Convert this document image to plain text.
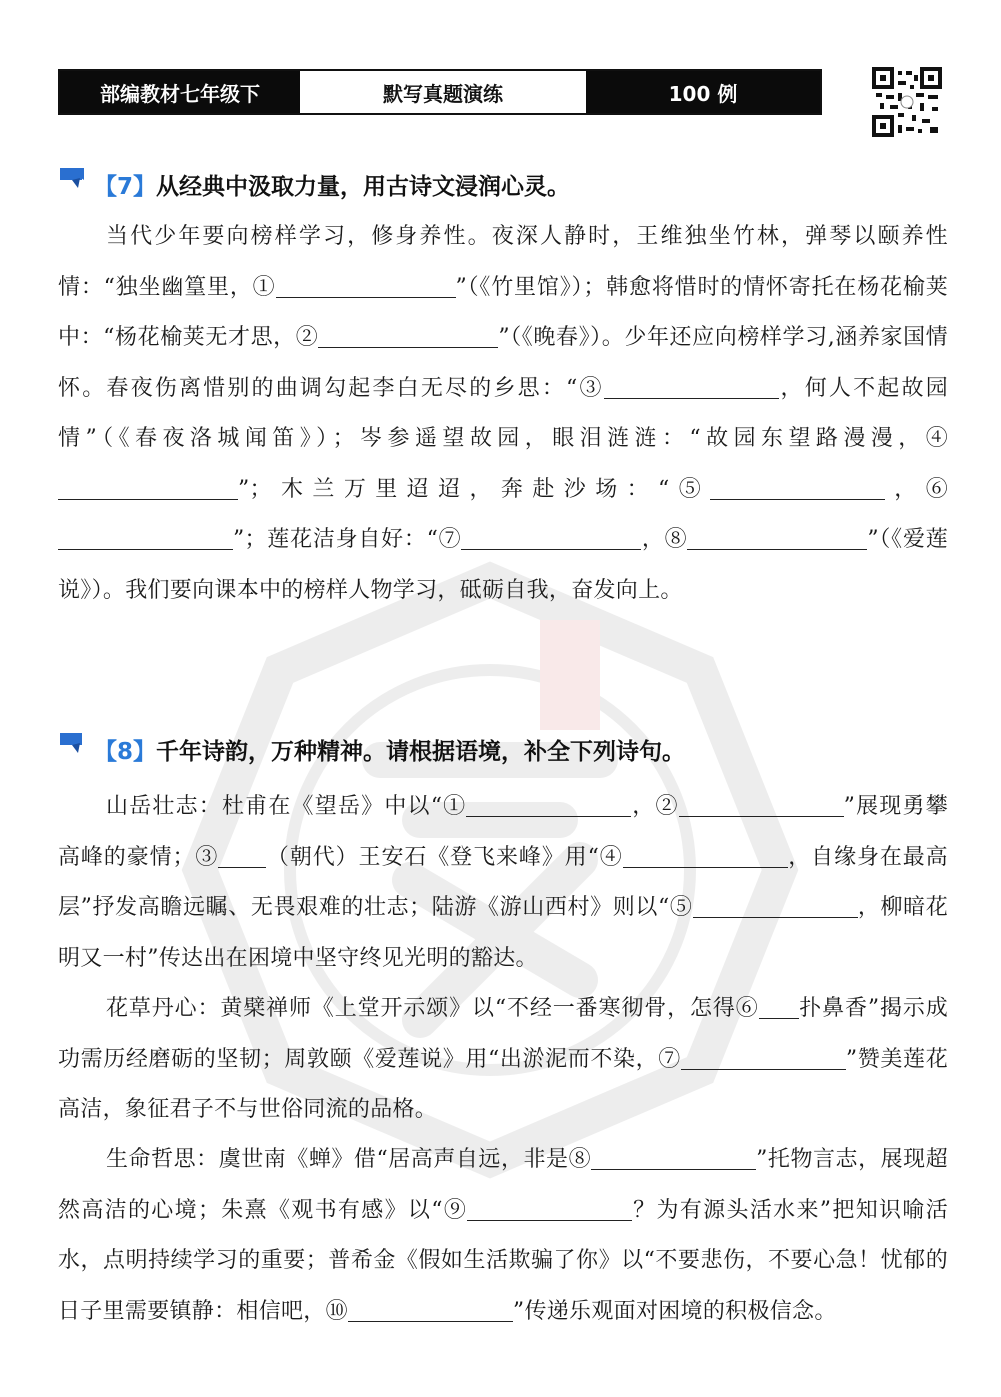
部编教材七年级下	默写真题演练	100 例
【7】 从经典中汲取力量，用古诗文浸润心灵。

当代少年要向榜样学习，修身养性。夜深人静时，王维独坐竹林，弹琴以颐养性情：“独坐幽篁里，①	”（《竹里馆》）；韩愈将惜时的情怀寄托在杨花榆荚中：“杨花榆荚无才思，②	”（《晚春》）。少年还应向榜样学习,涵养家国情怀。春夜伤离惜别的曲调勾起李白无尽的乡思：“③	，何人不起故园情”（《春夜洛城闻笛》）；岑参遥望故园，眼泪涟涟：“故园东望路漫漫，④”；木兰万里迢迢，奔赴沙场：“⑤	，⑥”；莲花洁身自好：“⑦	，⑧	”（《爱莲说》）。我们要向课本中的榜样人物学习，砥砺自我，奋发向上。

【8】 千年诗韵，万种精神。请根据语境，补全下列诗句。

山岳壮志：杜甫在《望岳》中以“①	，②	”展现勇攀高峰的豪情；③ （朝代）王安石《登飞来峰》用“④	，自缘身在最高层”抒发高瞻远瞩、无畏艰难的壮志；陆游《游山西村》则以“⑤	，柳暗花明又一村”传达出在困境中坚守终见光明的豁达。

花草丹心：黄檗禅师《上堂开示颂》以“不经一番寒彻骨，怎得⑥ 扑鼻香”揭示成功需历经磨砺的坚韧；周敦颐《爱莲说》用“出淤泥而不染，⑦	”赞美莲花高洁，象征君子不与世俗同流的品格。

生命哲思：虞世南《蝉》借“居高声自远，非是⑧	”托物言志，展现超然高洁的心境；朱熹《观书有感》以“⑨	？为有源头活水来”把知识喻活水，点明持续学习的重要；普希金《假如生活欺骗了你》以“不要悲伤，不要心急！忧郁的日子里需要镇静：相信吧，⑩	”传递乐观面对困境的积极信念。
